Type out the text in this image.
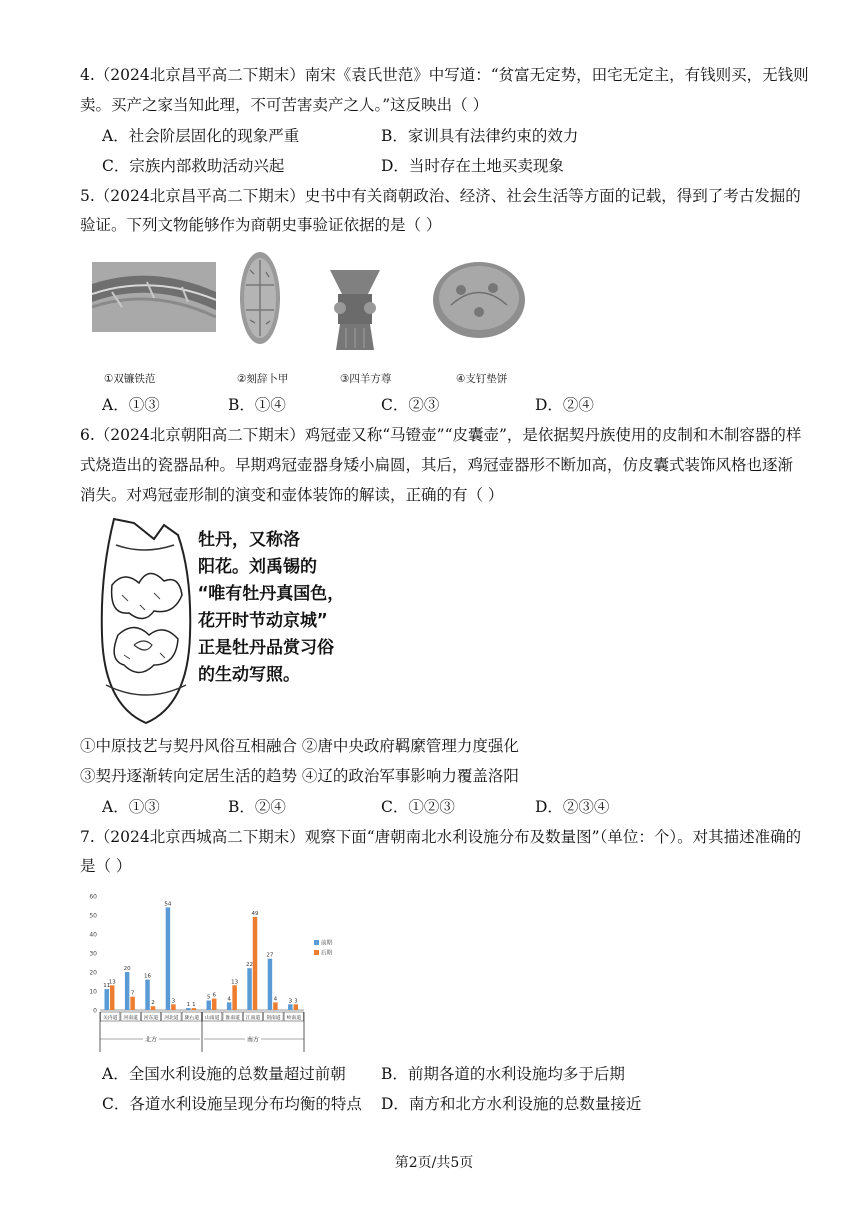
4.（2024北京昌平高二下期末）南宋《袁氏世范》中写道：“贫富无定势，田宅无定主，有钱则买，无钱则
卖。买产之家当知此理，不可苦害卖产之人。”这反映出（ ）
A．社会阶层固化的现象严重	B．家训具有法律约束的效力
C．宗族内部救助活动兴起	D．当时存在土地买卖现象
5.（2024北京昌平高二下期末）史书中有关商朝政治、经济、社会生活等方面的记载，得到了考古发掘的
验证。下列文物能够作为商朝史事验证依据的是（ ）
①双镰铁范	②刻辞卜甲	③四羊方尊	④支钉垫饼
A．①③	B．①④	C．②③	D．②④
6.（2024北京朝阳高二下期末）鸡冠壶又称“马镫壶”“皮囊壶”，是依据契丹族使用的皮制和木制容器的样
式烧造出的瓷器品种。早期鸡冠壶器身矮小扁圆，其后，鸡冠壶器形不断加高，仿皮囊式装饰风格也逐渐
消失。对鸡冠壶形制的演变和壶体装饰的解读，正确的有（ ）
牡丹，又称洛
阳花。刘禹锡的
“唯有牡丹真国色，
花开时节动京城”
正是牡丹品赏习俗
的生动写照。
①中原技艺与契丹风俗互相融合 ②唐中央政府羁縻管理力度强化
③契丹逐渐转向定居生活的趋势 ④辽的政治军事影响力覆盖洛阳
A．①③	B．②④	C．①②③	D．②③④
7.（2024北京西城高二下期末）观察下面“唐朝南北水利设施分布及数量图”（单位：个）。对其描述准确的
是（ ）
0
10
20
30
40
50
60
11
13
关内道
20
7
河南道
16
2
河东道
54
3
河北道
1 1
陇右道
5 6
山南道
4
13
淮南道
22
49
江南道
27
4
剑南道
3 3
岭南道
北方	南方
前期
后期
A．全国水利设施的总数量超过前朝 B．前期各道的水利设施均多于后期
C．各道水利设施呈现分布均衡的特点 D．南方和北方水利设施的总数量接近
第2页/共5页
